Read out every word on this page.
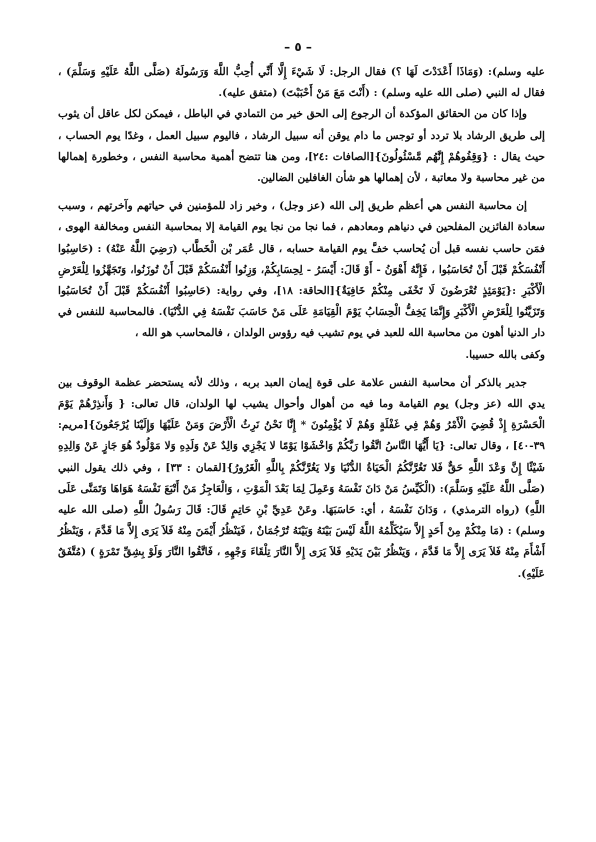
– ٥ –

عليه وسلم): (وَمَاذَا أَعْدَدْتَ لَهَا ؟) فقال الرجل: لَا شَيْءَ إِلَّا أَنِّي أُحِبُّ اللَّهَ وَرَسُولَهُ (صَلَّى اللَّهُ عَلَيْهِ وَسَلَّمَ) ، فقال له النبي (صلى الله عليه وسلم) : (أَنْتَ مَعَ مَنْ أَحْبَبْتَ) (متفق عليه).

وإذا كان من الحقائق المؤكدة أن الرجوع إلى الحق خير من التمادي في الباطل ، فيمكن لكل عاقل أن يثوب إلى طريق الرشاد بلا تردد أو توجس ما دام يوقن أنه سبيل الرشاد ، فاليوم سبيل العمل ، وغدًا يوم الحساب ، حيث يقال : {وَقِفُوهُمْ إِنَّهُم مَّسْئُولُونَ}[الصافات :٢٤]، ومن هنا تتضح أهمية محاسبة النفس ، وخطورة إهمالها من غير محاسبة ولا معاتبة ، لأن إهمالها هو شأن الغافلين الضالين.

إن محاسبة النفس هي أعظم طريق إلى الله (عز وجل) ، وخير زاد للمؤمنين في حياتهم وآخرتهم ، وسبب سعادة الفائزين المفلحين في دنياهم ومعادهم ، فما نجا من نجا يوم القيامة إلا بمحاسبة النفس ومخالفة الهوى ، فمَن حاسب نفسه قبل أن يُحاسب خفَّ يوم القيامة حسابه ، قال عُمَر بْن الْخَطَّاب (رَضِيَ اللَّهُ عَنْهُ) : (حَاسِبُوا أَنْفُسَكُمْ قَبْلَ أَنْ تُحَاسَبُوا ، فَإِنَّهُ أَهْوَنُ - أَوْ قَالَ: أَيْسَرُ - لِحِسَابِكُمْ، وَزِنُوا أَنْفُسَكُمْ قَبْلَ أَنْ تُوزَنُوا، وَتَجَهَّزُوا لِلْعَرْضِ الْأَكْبَرِ :{يَوْمَئِذٍ تُعْرَضُونَ لَا تَخْفَى مِنْكُمْ خَافِيَةٌ}[الحاقة: ١٨]، وفي رواية: (حَاسِبُوا أَنْفُسَكُمْ قَبْلَ أَنْ تُحَاسَبُوا وَتَزَيَّنُوا لِلْعَرْضِ الْأَكْبَرِ وَإِنَّمَا يَخِفُّ الْحِسَابُ يَوْمَ الْقِيَامَةِ عَلَى مَنْ حَاسَبَ نَفْسَهُ فِي الدُّنْيَا). فالمحاسبة للنفس في دار الدنيا أهون من محاسبة الله للعبد في يوم تشيب فيه رؤوس الولدان ، فالمحاسب هو الله ،

وكفى بالله حسيبا.

جدير بالذكر أن محاسبة النفس علامة على قوة إيمان العبد بربه ، وذلك لأنه يستحضر عظمة الوقوف بين يدي الله (عز وجل) يوم القيامة وما فيه من أهوال وأحوال يشيب لها الولدان، قال تعالى: { وَأَنذِرْهُمْ يَوْمَ الْحَسْرَةِ إِذْ قُضِيَ الْأَمْرُ وَهُمْ فِي غَفْلَةٍ وَهُمْ لَا يُؤْمِنُونَ * إِنَّا نَحْنُ نَرِثُ الْأَرْضَ وَمَنْ عَلَيْهَا وَإِلَيْنَا يُرْجَعُونَ}[مريم: ٣٩-٤٠] ، وقال تعالى: {يَا أَيُّهَا النَّاسُ اتَّقُوا رَبَّكُمْ وَاخْشَوْا يَوْمًا لا يَجْزِي وَالِدٌ عَنْ وَلَدِهِ وَلا مَوْلُودٌ هُوَ جَازٍ عَنْ وَالِدِهِ شَيْئًا إِنَّ وَعْدَ اللَّهِ حَقٌّ فَلا تَغُرَّنَّكُمُ الْحَيَاةُ الدُّنْيَا وَلا يَغُرَّنَّكُمْ بِاللَّهِ الْغَرُورُ}[لقمان : ٣٣] ، وفي ذلك يقول النبي (صَلَّى اللَّهُ عَلَيْهِ وَسَلَّمَ): (الْكَيِّسُ مَنْ دَانَ نَفْسَهُ وَعَمِلَ لِمَا بَعْدَ الْمَوْتِ ، وَالْعَاجِزُ مَنْ أَتْبَعَ نَفْسَهُ هَوَاهَا وَتَمَنَّى عَلَى اللَّهِ) (رواه الترمذي) ، وَدَانَ نَفْسَهُ ، أي: حَاسَبَهَا. وعَنْ عَدِيِّ بْنِ حَاتِمٍ قَالَ: قَالَ رَسُولُ اللَّهِ (صلى الله عليه وسلم) : (مَا مِنْكُمْ مِنْ أَحَدٍ إِلاَّ سَيُكَلِّمُهُ اللَّهُ لَيْسَ بَيْنَهُ وَبَيْنَهُ تُرْجُمَانٌ ، فَيَنْظُرُ أَيْمَنَ مِنْهُ فَلاَ يَرَى إِلاَّ مَا قَدَّمَ ، وَيَنْظُرُ أَشْأَمَ مِنْهُ فَلاَ يَرَى إِلاَّ مَا قَدَّمَ ، وَيَنْظُرُ بَيْنَ يَدَيْهِ فَلاَ يَرَى إِلاَّ النَّارَ تِلْقَاءَ وَجْهِهِ ، فَاتَّقُوا النَّارَ وَلَوْ بِشِقِّ تَمْرَةٍ ) (مُتَّفَقٌ عَلَيْهِ).
